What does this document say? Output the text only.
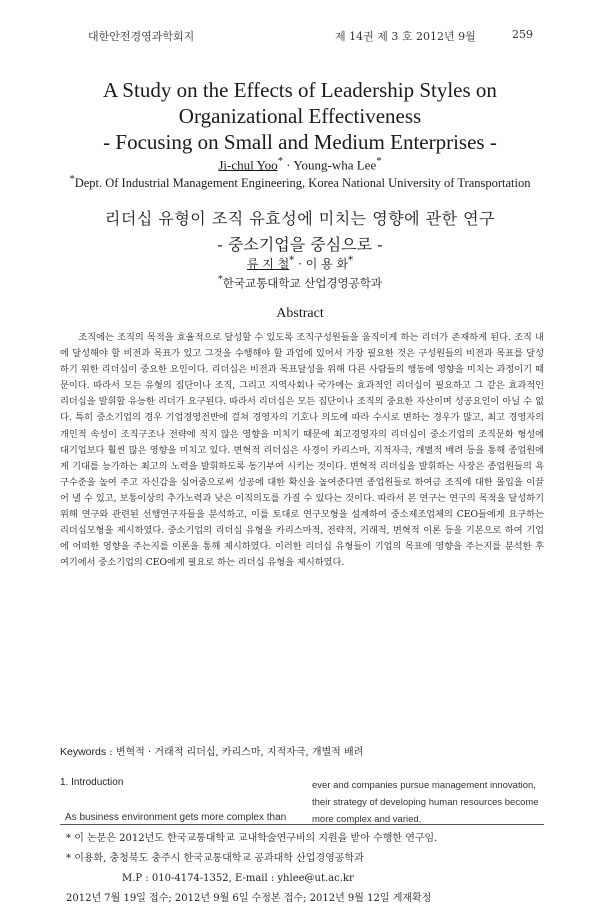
대한안전경영과학회지	제 14권 제 3 호 2012년 9월	259
A Study on the Effects of Leadership Styles on
Organizational Effectiveness
- Focusing on Small and Medium Enterprises -
Ji-chul Yoo* · Young-wha Lee*
*Dept. Of Industrial Management Engineering, Korea National University of Transportation
리더십 유형이 조직 유효성에 미치는 영향에 관한 연구
- 중소기업을 중심으로 -
류 지 철* · 이 용 화*
*한국교통대학교 산업경영공학과
Abstract
조직에는 조직의 목적을 효율적으로 달성할 수 있도록 조직구성원들을 움직이게 하는 리더가 존재하게 된다. 조직 내에 달성해야 할 비전과 목표가 있고 그것을 수행해야 할 과업에 있어서 가장 필요한 것은 구성원들의 비전과 목표를 달성하기 위한 리더십이 중요한 요인이다. 리더십은 비전과 목표달성을 위해 다른 사람들의 행동에 영향을 미치는 과정이기 때문이다. 따라서 모든 유형의 집단이나 조직, 그리고 지역사회나 국가에는 효과적인 리더십이 필요하고 그 같은 효과적인 리더십을 발휘할 유능한 리더가 요구된다. 따라서 리더십은 모든 집단이나 조직의 중요한 자산이며 성공요인이 아닐 수 없다. 특히 중소기업의 경우 기업경영전반에 걸쳐 경영자의 기호나 의도에 따라 수시로 변하는 경우가 많고, 최고 경영자의 개인적 속성이 조직구조나 전략에 적지 않은 영향을 미치기 때문에 최고경영자의 리더십이 중소기업의 조직문화 형성에 대기업보다 훨씬 많은 영향을 미치고 있다. 변혁적 리더십은 사경이 카리스마, 지적자극, 개별적 배려 등을 통해 종업원에게 기대를 능가하는 최고의 노력을 발휘하도록 동기부여 시키는 것이다. 변혁적 리더십을 발휘하는 사장은 종업원들의 욕구수준을 높여 주고 자신감을 심어줌으로써 성공에 대한 확신을 높여준다면 종업원들로 하여금 조직에 대한 몰입을 이끌어 낼 수 있고, 보통이상의 추가노력과 낮은 이직의도를 가질 수 있다는 것이다. 따라서 본 연구는 연구의 목적을 달성하기 위해 연구와 관련된 선행연구자들을 분석하고, 이를 토대로 연구모형을 설계하여 중소제조업체의 CEO들에게 요구하는 리더십모형을 제시하였다. 중소기업의 리더십 유형을 카리스마적, 전략적, 거래적, 변혁적 이론 등을 기본으로 하여 기업에 어떠한 영향을 주는지를 이론을 통해 제시하였다. 이러한 리더십 유형들이 기업의 목표에 영향을 주는지를 분석한 후 여기에서 중소기업의 CEO에게 필요로 하는 리더십 유형을 제시하였다.
Keywords : 변혁적 · 거래적 리더십, 카리스마, 지적자극, 개별적 배려
1. Introduction
As business environment gets more complex than
ever and companies pursue management innovation, their strategy of developing human resources become more complex and varied.
* 이 논문은 2012년도 한국교통대학교 교내학술연구비의 지원을 받아 수행한 연구임.
* 이용화, 충청북도 충주시 한국교통대학교 공과대학 산업경영공학과
M.P : 010-4174-1352, E-mail : yhlee@ut.ac.kr
2012년 7월 19일 접수; 2012년 9월 6일 수정본 접수; 2012년 9월 12일 게재확정
